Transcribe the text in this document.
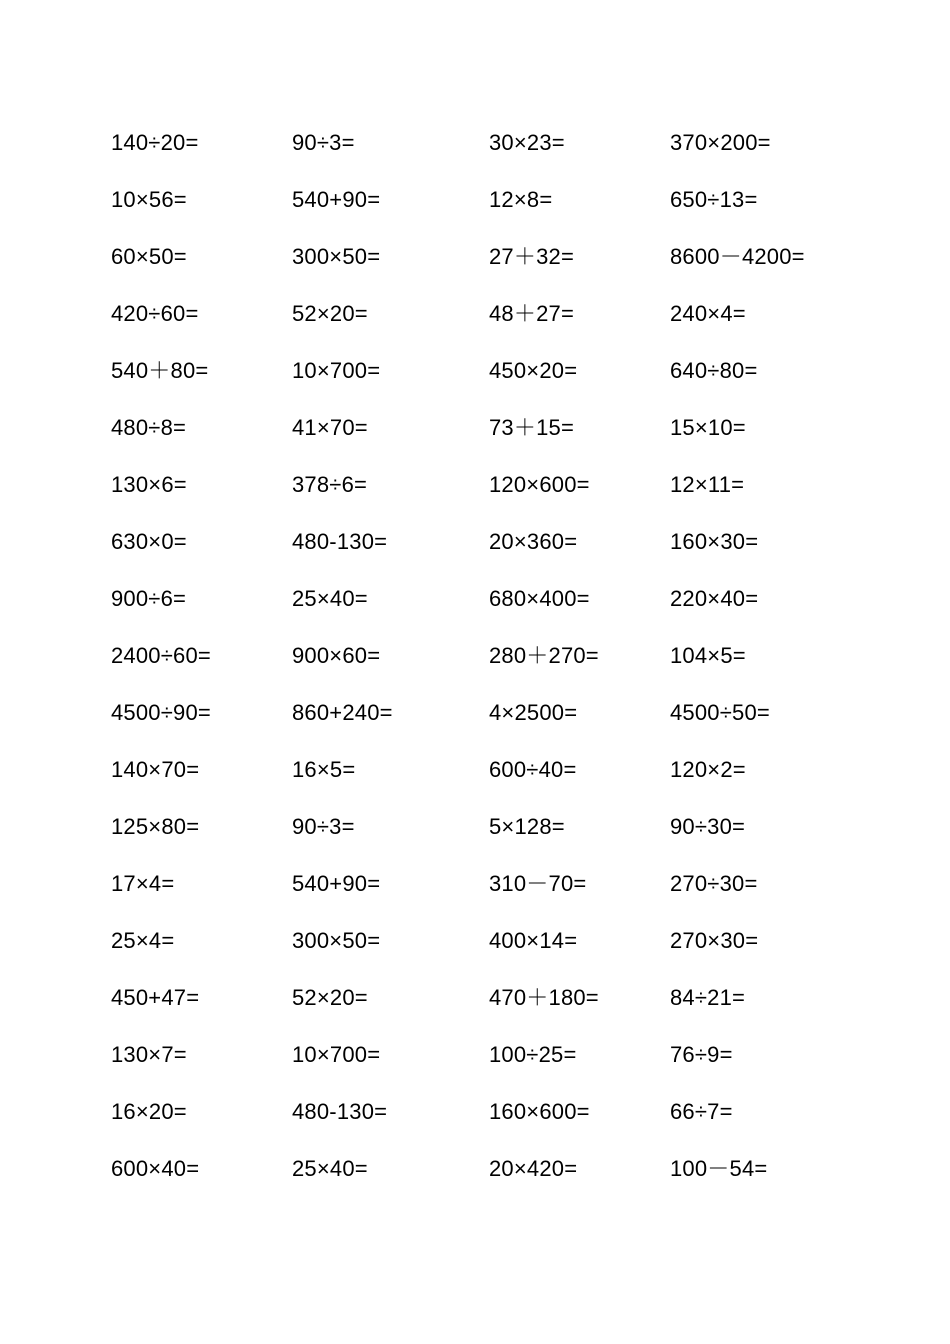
140÷20=	90÷3=	30×23=	370×200=
10×56=	540+90=	12×8=	650÷13=
60×50=	300×50=	27＋32=	8600－4200=
420÷60=	52×20=	48＋27=	240×4=
540＋80=	10×700=	450×20=	640÷80=
480÷8=	41×70=	73＋15=	15×10=
130×6=	378÷6=	120×600=	12×11=
630×0=	480-130=	20×360=	160×30=
900÷6=	25×40=	680×400=	220×40=
2400÷60=	900×60=	280＋270=	104×5=
4500÷90=	860+240=	4×2500=	4500÷50=
140×70=	16×5=	600÷40=	120×2=
125×80=	90÷3=	5×128=	90÷30=
17×4=	540+90=	310－70=	270÷30=
25×4=	300×50=	400×14=	270×30=
450+47=	52×20=	470＋180=	84÷21=
130×7=	10×700=	100÷25=	76÷9=
16×20=	480-130=	160×600=	66÷7=
600×40=	25×40=	20×420=	100－54=
